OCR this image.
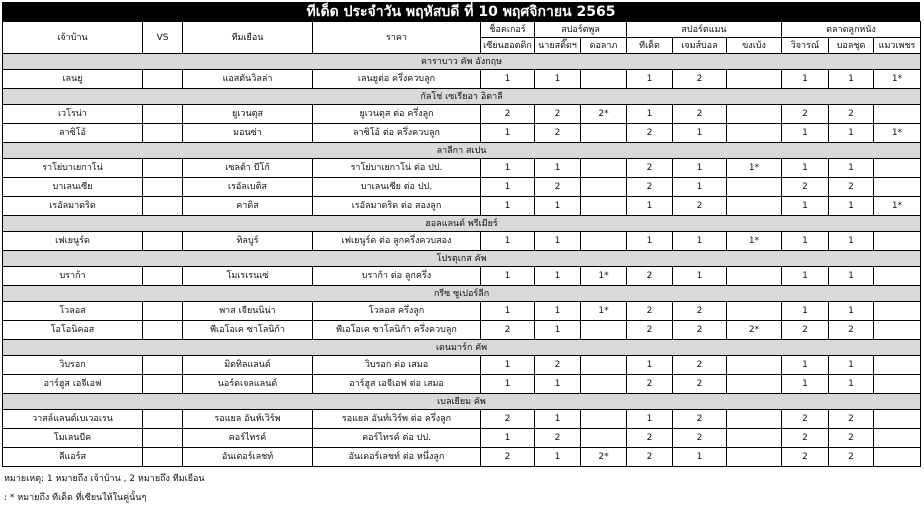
ทีเด็ด ประจำวัน พฤหัสบดี ที่ 10 พฤศจิกายน 2565
เจ้าบ้าน	VS	ทีมเยือน	ราคา	ช็อคเกอร์	สปอร์ตพูล		สปอร์ตแมน			ตลาดลูกหนัง		
				เซียนฮอตดิก	นายสติ๊ดฯ	ดอลาภ	ทีเด็ด	เจมส์บอล	ขงเบ้ง	วิจารณ์	บอลชุด	แมวเพชร
คาราบาว คัพ อังกฤษ												
เลนยู		แอสตันวิลล่า	เลนยูต่อ ครึ่งควบลูก	1	1		1	2		1	1	1*
กัลโช่ เซเรียอา อิตาลี												
เวโรน่า		ยูเวนตุส	ยูเวนตุส ต่อ ครึ่งลูก	2	2	2*	1	2		2	2	
ลาซิโอ้		มอนซ่า	ลาซิโอ้ ต่อ ครึ่งควบลูก	1	2		2	1		1	1	1*
ลาลีกา สเปน												
ราโย่บาเยกาโน่		เซลต้า บีโก้	ราโย่บาเยกาโน่ ต่อ ปป.	1	1		2	1	1*	1	1	
บาเลนเซีย		เรอัลเบติส	บาเลนเซีย ต่อ ปป.	1	2		2	1		2	2	
เรอัลมาดริด		คาดิส	เรอัลมาดริด ต่อ สองลูก	1	1		1	2		1	1	1*
ฮอลแลนด์ พรีเมียร์												
เฟเยนูร์ด		ทิลบูร์	เฟเยนูร์ด ต่อ ลูกครึ่งควบสอง	1	1		1	1	1*	1	1	
โปรตุเกส คัพ												
บราก้า		โมเรเรนเซ่	บราก้า ต่อ ลูกครึ่ง	1	1	1*	2	1		1	1	
กรีซ ซูเปอร์ลีก												
โวลอส		พาส เจียนนิน่า	โวลอส ครึ่งลูก	1	1	1*	2	2		1	1	
โอโอนิคอส		พีเอโอเค ซาโลนิก้า	พีเอโอเค ซาโลนิก้า ครึ่งควบลูก	2	1		2	2	2*	2	2	
เดนมาร์ก คัพ												
วิบรอก		มิดทิลแลนด์	วิบรอก ต่อ เสมอ	1	2		1	2		1	1	
อาร์ฮูส เอจีเอฟ		นอร์ดเจลแลนด์	อาร์ฮูส เอจีเอฟ ต่อ เสมอ	1	1		2	2		1	1	
เบลเยียม คัพ												
วาสล์แลนด์เบเวอเรน		รอแยล อันท์เวิร์พ	รอแยล อันท์เวิร์พ ต่อ ครึ่งลูก	2	1		1	2		2	2	
โมเลนบีค		คอร์ไทรค์	คอร์ไทรค์ ต่อ ปป.	1	2		2	2		2	2	
ลีแอร์ส		อันเดอร์เลชท์	อันเดอร์เลชท์ ต่อ หนึ่งลูก	2	1	2*	2	1		2	2	
หมายเหตุ: 1 หมายถึง เจ้าบ้าน , 2 หมายถึง ทีมเยือน
: * หมายถึง ทีเด็ด ที่เซียนให้ในคู่นั้นๆ
